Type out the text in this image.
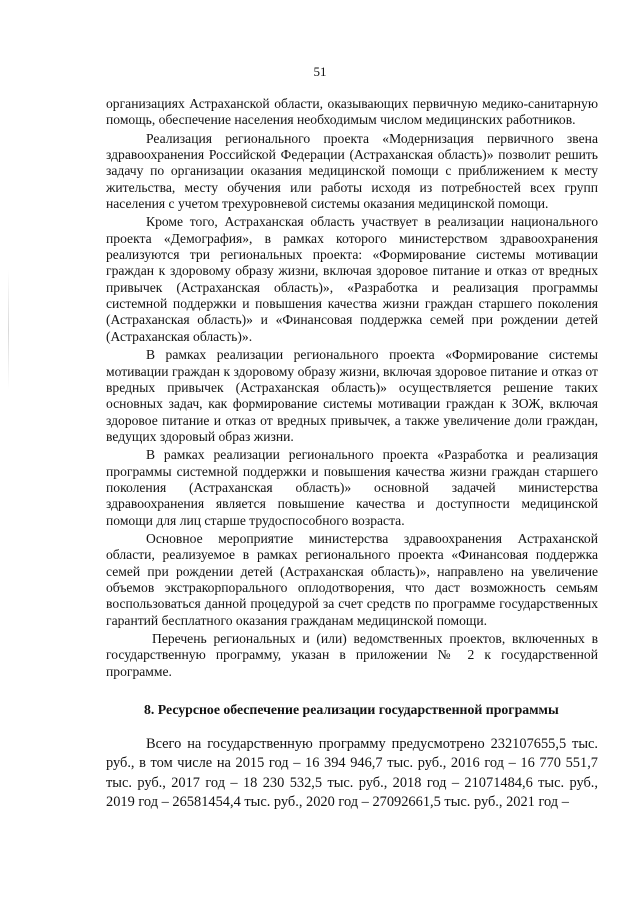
51

организациях Астраханской области, оказывающих первичную медико-санитарную помощь, обеспечение населения необходимым числом медицинских работников.

Реализация регионального проекта «Модернизация первичного звена здравоохранения Российской Федерации (Астраханская область)» позволит решить задачу по организации оказания медицинской помощи с приближением к месту жительства, месту обучения или работы исходя из потребностей всех групп населения с учетом трехуровневой системы оказания медицинской помощи.

Кроме того, Астраханская область участвует в реализации национального проекта «Демография», в рамках которого министерством здравоохранения реализуются три региональных проекта: «Формирование системы мотивации граждан к здоровому образу жизни, включая здоровое питание и отказ от вредных привычек (Астраханская область)», «Разработка и реализация программы системной поддержки и повышения качества жизни граждан старшего поколения (Астраханская область)» и «Финансовая поддержка семей при рождении детей (Астраханская область)».

В рамках реализации регионального проекта «Формирование системы мотивации граждан к здоровому образу жизни, включая здоровое питание и отказ от вредных привычек (Астраханская область)» осуществляется решение таких основных задач, как формирование системы мотивации граждан к ЗОЖ, включая здоровое питание и отказ от вредных привычек, а также увеличение доли граждан, ведущих здоровый образ жизни.

В рамках реализации регионального проекта «Разработка и реализация программы системной поддержки и повышения качества жизни граждан старшего поколения (Астраханская область)» основной задачей министерства здравоохранения является повышение качества и доступности медицинской помощи для лиц старше трудоспособного возраста.

Основное мероприятие министерства здравоохранения Астраханской области, реализуемое в рамках регионального проекта «Финансовая поддержка семей при рождении детей (Астраханская область)», направлено на увеличение объемов экстракорпорального оплодотворения, что даст возможность семьям воспользоваться данной процедурой за счет средств по программе государственных гарантий бесплатного оказания гражданам медицинской помощи.

Перечень региональных и (или) ведомственных проектов, включенных в государственную программу, указан в приложении № 2 к государственной программе.

8. Ресурсное обеспечение реализации государственной программы

Всего на государственную программу предусмотрено 232107655,5 тыс. руб., в том числе на 2015 год – 16 394 946,7 тыс. руб., 2016 год – 16 770 551,7 тыс. руб., 2017 год – 18 230 532,5 тыс. руб., 2018 год – 21071484,6 тыс. руб., 2019 год – 26581454,4 тыс. руб., 2020 год – 27092661,5 тыс. руб., 2021 год –
